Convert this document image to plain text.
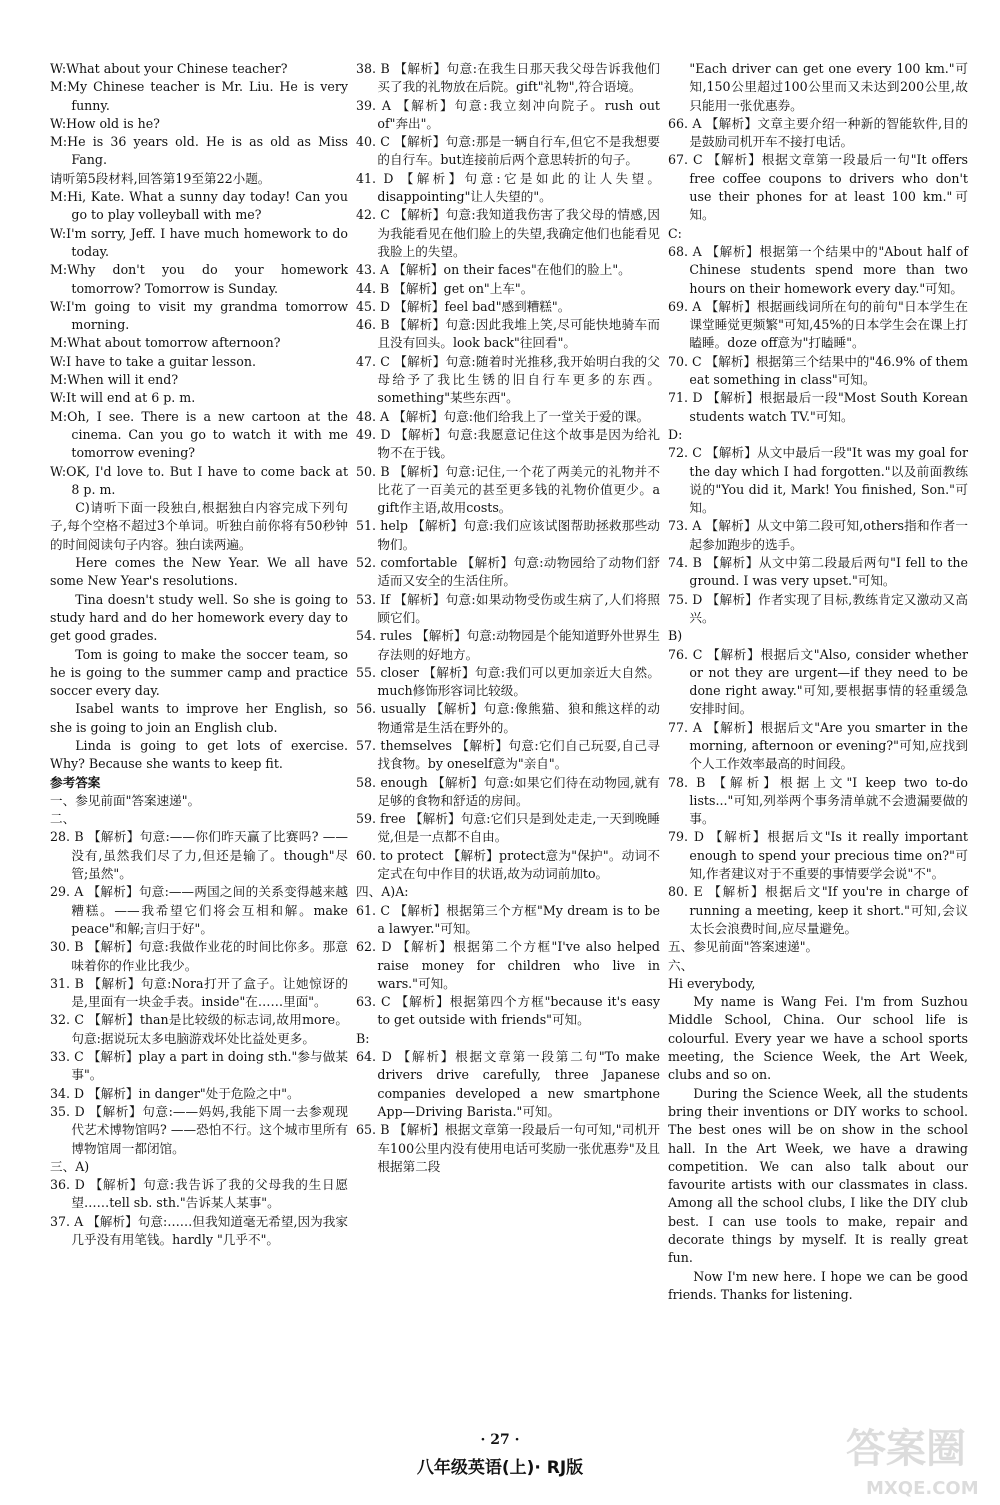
W:What about your Chinese teacher?

M:My Chinese teacher is Mr. Liu. He is very funny.

W:How old is he?

M:He is 36 years old. He is as old as Miss Fang.

请听第5段材料,回答第19至第22小题。

M:Hi, Kate. What a sunny day today! Can you go to play volleyball with me?

W:I'm sorry, Jeff. I have much homework to do today.

M:Why don't you do your homework tomorrow? Tomorrow is Sunday.

W:I'm going to visit my grandma tomorrow morning.

M:What about tomorrow afternoon?

W:I have to take a guitar lesson.

M:When will it end?

W:It will end at 6 p. m.

M:Oh, I see. There is a new cartoon at the cinema. Can you go to watch it with me tomorrow evening?

W:OK, I'd love to. But I have to come back at 8 p. m.

C)请听下面一段独白,根据独白内容完成下列句子,每个空格不超过3个单词。听独白前你将有50秒钟的时间阅读句子内容。独白读两遍。

Here comes the New Year. We all have some New Year's resolutions.

Tina doesn't study well. So she is going to study hard and do her homework every day to get good grades.

Tom is going to make the soccer team, so he is going to the summer camp and practice soccer every day.

Isabel wants to improve her English, so she is going to join an English club.

Linda is going to get lots of exercise. Why? Because she wants to keep fit.

参考答案

一、参见前面"答案速递"。

二、

28. B 【解析】句意:——你们昨天赢了比赛吗? ——没有,虽然我们尽了力,但还是输了。though"尽管;虽然"。

29. A 【解析】句意:——两国之间的关系变得越来越糟糕。——我希望它们将会互相和解。make peace"和解;言归于好"。

30. B 【解析】句意:我做作业花的时间比你多。那意味着你的作业比我少。

31. B 【解析】句意:Nora打开了盒子。让她惊讶的是,里面有一块金手表。inside"在……里面"。

32. C 【解析】than是比较级的标志词,故用more。句意:据说玩太多电脑游戏坏处比益处更多。

33. C 【解析】play a part in doing sth."参与做某事"。

34. D 【解析】in danger"处于危险之中"。

35. D 【解析】句意:——妈妈,我能下周一去参观现代艺术博物馆吗? ——恐怕不行。这个城市里所有博物馆周一都闭馆。

三、A)

36. D 【解析】句意:我告诉了我的父母我的生日愿望……tell sb. sth."告诉某人某事"。

37. A 【解析】句意:……但我知道毫无希望,因为我家几乎没有用笔钱。hardly "几乎不"。

38. B 【解析】句意:在我生日那天我父母告诉我他们买了我的礼物放在后院。gift"礼物",符合语境。

39. A 【解析】句意:我立刻冲向院子。rush out of"奔出"。

40. C 【解析】句意:那是一辆自行车,但它不是我想要的自行车。but连接前后两个意思转折的句子。

41. D 【解析】句意:它是如此的让人失望。disappointing"让人失望的"。

42. C 【解析】句意:我知道我伤害了我父母的情感,因为我能看见在他们脸上的失望,我确定他们也能看见我脸上的失望。

43. A 【解析】on their faces"在他们的脸上"。

44. B 【解析】get on"上车"。

45. D 【解析】feel bad"感到糟糕"。

46. B 【解析】句意:因此我堆上笑,尽可能快地骑车而且没有回头。look back"往回看"。

47. C 【解析】句意:随着时光推移,我开始明白我的父母给予了我比生锈的旧自行车更多的东西。something"某些东西"。

48. A 【解析】句意:他们给我上了一堂关于爱的课。

49. D 【解析】句意:我愿意记住这个故事是因为给礼物不在于钱。

50. B 【解析】句意:记住,一个花了两美元的礼物并不比花了一百美元的甚至更多钱的礼物价值更少。a gift作主语,故用costs。

51. help 【解析】句意:我们应该试图帮助拯救那些动物们。

52. comfortable 【解析】句意:动物园给了动物们舒适而又安全的生活住所。

53. If 【解析】句意:如果动物受伤或生病了,人们将照顾它们。

54. rules 【解析】句意:动物园是个能知道野外世界生存法则的好地方。

55. closer 【解析】句意:我们可以更加亲近大自然。much修饰形容词比较级。

56. usually 【解析】句意:像熊猫、狼和熊这样的动物通常是生活在野外的。

57. themselves 【解析】句意:它们自己玩耍,自己寻找食物。by oneself意为"亲自"。

58. enough 【解析】句意:如果它们待在动物园,就有足够的食物和舒适的房间。

59. free 【解析】句意:它们只是到处走走,一天到晚睡觉,但是一点都不自由。

60. to protect 【解析】protect意为"保护"。动词不定式在句中作目的状语,故为动词前加to。

四、A)A:

61. C 【解析】根据第三个方框"My dream is to be a lawyer."可知。

62. D 【解析】根据第二个方框"I've also helped raise money for children who live in wars."可知。

63. C 【解析】根据第四个方框"because it's easy to get outside with friends"可知。

B:

64. D 【解析】根据文章第一段第二句"To make drivers drive carefully, three Japanese companies developed a new smartphone App—Driving Barista."可知。

65. B 【解析】根据文章第一段最后一句可知,"司机开车100公里内没有使用电话可奖励一张优惠券"及且根据第二段

"Each driver can get one every 100 km."可知,150公里超过100公里而又未达到200公里,故只能用一张优惠券。

66. A 【解析】文章主要介绍一种新的智能软件,目的是鼓励司机开车不接打电话。

67. C 【解析】根据文章第一段最后一句"It offers free coffee coupons to drivers who don't use their phones for at least 100 km."可知。

C:

68. A 【解析】根据第一个结果中的"About half of Chinese students spend more than two hours on their homework every day."可知。

69. A 【解析】根据画线词所在句的前句"日本学生在课堂睡觉更频繁"可知,45%的日本学生会在课上打瞌睡。doze off意为"打瞌睡"。

70. C 【解析】根据第三个结果中的"46.9% of them eat something in class"可知。

71. D 【解析】根据最后一段"Most South Korean students watch TV."可知。

D:

72. C 【解析】从文中最后一段"It was my goal for the day which I had forgotten."以及前面教练说的"You did it, Mark! You finished, Son."可知。

73. A 【解析】从文中第二段可知,others指和作者一起参加跑步的选手。

74. B 【解析】从文中第二段最后两句"I fell to the ground. I was very upset."可知。

75. D 【解析】作者实现了目标,教练肯定又激动又高兴。

B)

76. C 【解析】根据后文"Also, consider whether or not they are urgent—if they need to be done right away."可知,要根据事情的轻重缓急安排时间。

77. A 【解析】根据后文"Are you smarter in the morning, afternoon or evening?"可知,应找到个人工作效率最高的时间段。

78. B 【解析】根据上文"I keep two to-do lists..."可知,列举两个事务清单就不会遗漏要做的事。

79. D 【解析】根据后文"Is it really important enough to spend your precious time on?"可知,作者建议对于不重要的事情要学会说"不"。

80. E 【解析】根据后文"If you're in charge of running a meeting, keep it short."可知,会议太长会浪费时间,应尽量避免。

五、参见前面"答案速递"。

六、

Hi everybody,

My name is Wang Fei. I'm from Suzhou Middle School, China. Our school life is colourful. Every year we have a school sports meeting, the Science Week, the Art Week, clubs and so on.

During the Science Week, all the students bring their inventions or DIY works to school. The best ones will be on show in the school hall. In the Art Week, we have a drawing competition. We can also talk about our favourite artists with our classmates in class. Among all the school clubs, I like the DIY club best. I can use tools to make, repair and decorate things by myself. It is really great fun.

Now I'm new here. I hope we can be good friends. Thanks for listening.

· 27 ·
八年级英语(上)· RJ版	答案圈
MXQE.COM
